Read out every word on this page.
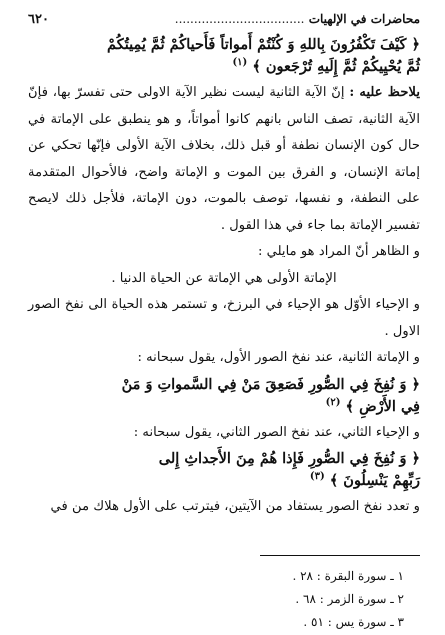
محاضرات في الإلهيات ..................................
٦٢٠

﴿ كَيْفَ تَكْفُرُونَ بِاللهِ وَ كُنْتُمْ أَمواتاً فَأَحياكُمْ ثُمَّ يُمِيتُكُمْ

ثُمَّ يُحْيِيكُمْ ثُمَّ إِلَيهِ تُرْجَعون ﴾ $^{(١)}$

يلاحظ عليه : إنّ الآية الثانية ليست نظير الآية الاولى حتى تفسرّ بها، فإنّ الآية الثانية، تصف الناس بانهم كانوا أمواتاً، و هو ينطبق على الإماتة في حال كون الإنسان نطفة أو قبل ذلك، بخلاف الآية الأولى فإنّها تحكي عن إماتة الإنسان، و الفرق بين الموت و الإماتة واضح، فالأحوال المتقدمة على النطفة، و نفسها، توصف بالموت، دون الإماتة، فلأجل ذلك لايصح تفسير الإماتة بما جاء في هذا القول .

و الظاهر أنّ المراد هو مايلي :

الإماتة الأولى هي الإماتة عن الحياة الدنيا .

و الإحياء الأوّل هو الإحياء في البرزخ، و تستمر هذه الحياة الى نفخ الصور الاول .

و الإماتة الثانية، عند نفخ الصور الأول، يقول سبحانه :

﴿ وَ نُفِخَ فِي الصُّورِ فَصَعِقَ مَنْ فِي السَّمواتِ وَ مَنْ

فِي الأَرْضِ ﴾ $^{(٢)}$

و الإحياء الثاني، عند نفخ الصور الثاني، يقول سبحانه :

﴿ وَ نُفِخَ فِي الصُّورِ فَإِذا هُمْ مِنَ الأَجداثِ إِلى

رَبِّهِمْ يَنْسِلُونَ ﴾ $^{(٣)}$

و تعدد نفخ الصور يستفاد من الآيتين، فيترتب على الأول هلاك من في

١ ـ سورة البقرة : ٢٨ .
٢ ـ سورة الزمر : ٦٨ .
٣ ـ سورة يس : ٥١ .
